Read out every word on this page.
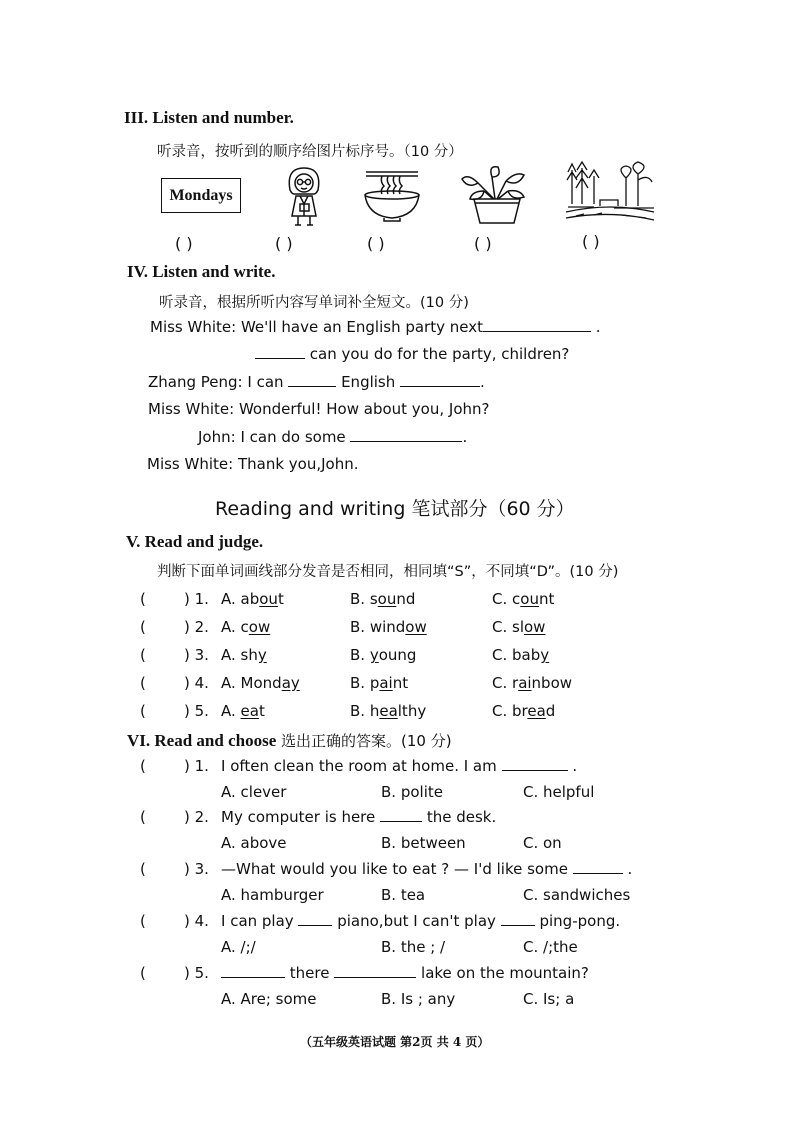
III. Listen and number.
听录音，按听到的顺序给图片标序号。（10 分）
Mondays
( )	( )	( )	( )	( )
IV. Listen and write.
听录音，根据所听内容写单词补全短文。(10 分)
Miss White: We'll have an English party next	.
can you do for the party, children?
Zhang Peng: I can	English	.
Miss White: Wonderful! How about you, John?
John: I can do some	.
Miss White: Thank you,John.
Reading and writing 笔试部分（60 分）
V. Read and judge.
判断下面单词画线部分发音是否相同，相同填“S”，不同填“D”。(10 分)
(	) 1. A. about	B. sound	C. count
(	) 2. A. cow	B. window	C. slow
(	) 3. A. shy	B. young	C. baby
(	) 4. A. Monday	B. paint	C. rainbow
(	) 5. A. eat	B. healthy	C. bread
VI. Read and choose 选出正确的答案。(10 分)
(	) 1. I often clean the room at home. I am	.
A. clever	B. polite	C. helpful
(	) 2. My computer is here	the desk.
A. above	B. between	C. on
(	) 3. —What would you like to eat ? — I'd like some	.
A. hamburger	B. tea	C. sandwiches
(	) 4. I can play	piano,but I can't play	ping-pong.
A. /;/	B. the ; /	C. /;the
(	) 5.	there	lake on the mountain?
A. Are; some	B. Is ; any	C. Is; a
（五年级英语试题 第2页 共 4 页）
